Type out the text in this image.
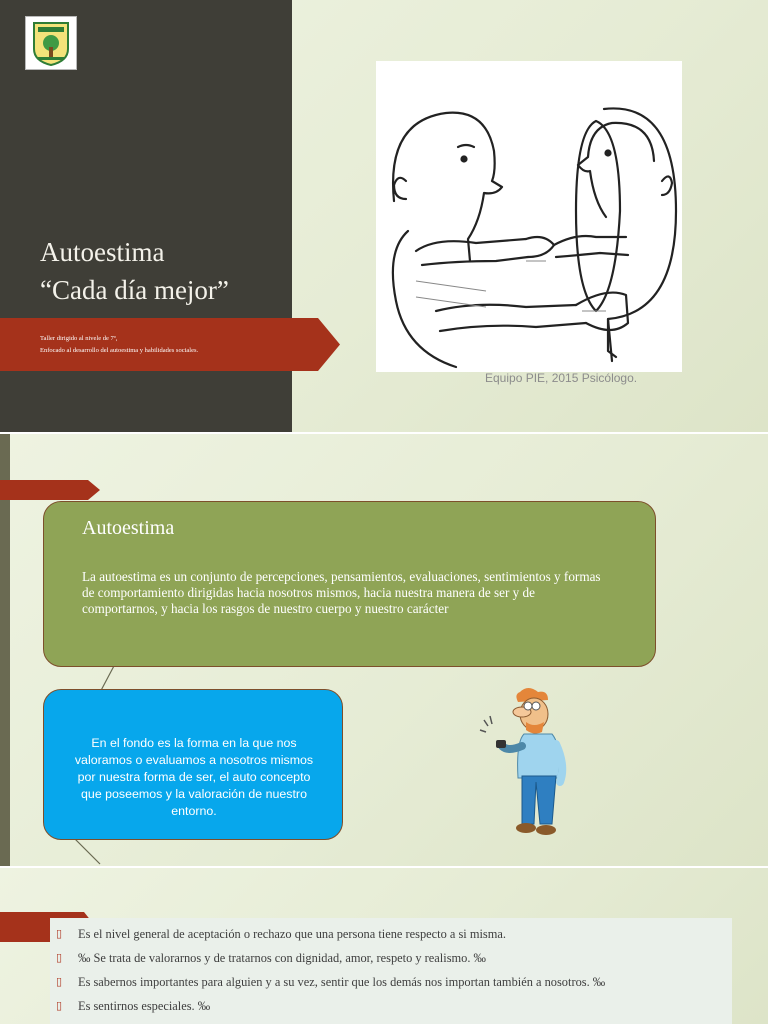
Autoestima
“Cada día mejor”
Taller dirigido al nivele de 7º,
Enfocado al desarrollo del autoestima y habilidades sociales.
Equipo PIE, 2015 Psicólogo.
Autoestima
La autoestima es un conjunto de percepciones, pensamientos, evaluaciones, sentimientos y formas de comportamiento dirigidas hacia nosotros mismos, hacia nuestra manera de ser y de comportarnos, y hacia los rasgos de nuestro cuerpo y nuestro carácter
En el fondo es la forma en la que nos valoramos o evaluamos a nosotros mismos por nuestra forma de ser, el auto concepto que poseemos y la valoración de nuestro entorno.
▯ Es el nivel general de aceptación o rechazo que una persona tiene respecto a si misma.
▯ ‰ Se trata de valorarnos y de tratarnos con dignidad, amor, respeto y realismo. ‰
▯ Es sabernos importantes para alguien y a su vez, sentir que los demás nos importan también a nosotros. ‰
▯ Es sentirnos especiales. ‰
